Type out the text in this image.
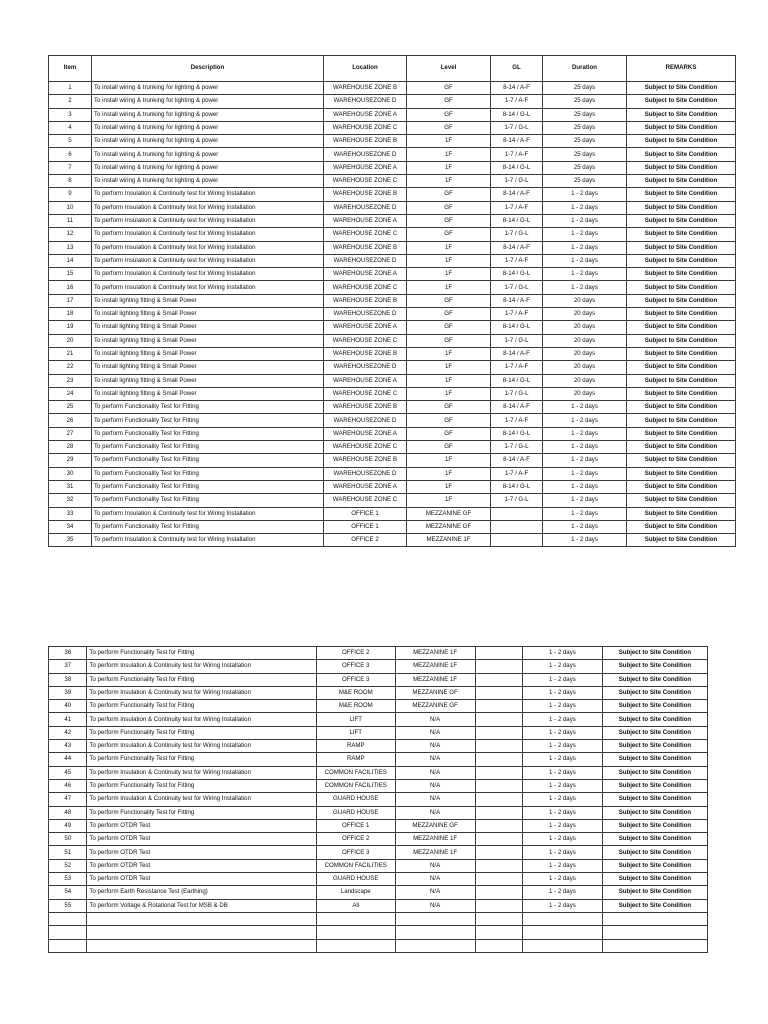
Item	Description	Location	Level	GL	Duration	REMARKS
1	To install wiring & trunking for lighting & power	WAREHOUSE ZONE B	GF	8-14 / A-F	25 days	Subject to Site Condition
2	To install wiring & trunking for lighting & power	WAREHOUSEZONE D	GF	1-7 / A-F	25 days	Subject to Site Condition
3	To install wiring & trunking for lighting & power	WAREHOUSE ZONE A	GF	8-14 / G-L	25 days	Subject to Site Condition
4	To install wiring & trunking for lighting & power	WAREHOUSE ZONE C	GF	1-7 / G-L	25 days	Subject to Site Condition
5	To install wiring & trunking for lighting & power	WAREHOUSE ZONE B	1F	8-14 / A-F	25 days	Subject to Site Condition
6	To install wiring & trunking for lighting & power	WAREHOUSEZONE D	1F	1-7 / A-F	25 days	Subject to Site Condition
7	To install wiring & trunking for lighting & power	WAREHOUSE ZONE A	1F	8-14 / G-L	25 days	Subject to Site Condition
8	To install wiring & trunking for lighting & power	WAREHOUSE ZONE C	1F	1-7 / G-L	25 days	Subject to Site Condition
9	To perform Insulation & Continuity test for Wiring Installation	WAREHOUSE ZONE B	GF	8-14 / A-F	1 - 2 days	Subject to Site Condition
10	To perform Insulation & Continuity test for Wiring Installation	WAREHOUSEZONE D	GF	1-7 / A-F	1 - 2 days	Subject to Site Condition
11	To perform Insulation & Continuity test for Wiring Installation	WAREHOUSE ZONE A	GF	8-14 / G-L	1 - 2 days	Subject to Site Condition
12	To perform Insulation & Continuity test for Wiring Installation	WAREHOUSE ZONE C	GF	1-7 / G-L	1 - 2 days	Subject to Site Condition
13	To perform Insulation & Continuity test for Wiring Installation	WAREHOUSE ZONE B	1F	8-14 / A-F	1 - 2 days	Subject to Site Condition
14	To perform Insulation & Continuity test for Wiring Installation	WAREHOUSEZONE D	1F	1-7 / A-F	1 - 2 days	Subject to Site Condition
15	To perform Insulation & Continuity test for Wiring Installation	WAREHOUSE ZONE A	1F	8-14 / G-L	1 - 2 days	Subject to Site Condition
16	To perform Insulation & Continuity test for Wiring Installation	WAREHOUSE ZONE C	1F	1-7 / G-L	1 - 2 days	Subject to Site Condition
17	To install lighting fitting & Small Power	WAREHOUSE ZONE B	GF	8-14 / A-F	20 days	Subject to Site Condition
18	To install lighting fitting & Small Power	WAREHOUSEZONE D	GF	1-7 / A-F	20 days	Subject to Site Condition
19	To install lighting fitting & Small Power	WAREHOUSE ZONE A	GF	8-14 / G-L	20 days	Subject to Site Condition
20	To install lighting fitting & Small Power	WAREHOUSE ZONE C	GF	1-7 / G-L	20 days	Subject to Site Condition
21	To install lighting fitting & Small Power	WAREHOUSE ZONE B	1F	8-14 / A-F	20 days	Subject to Site Condition
22	To install lighting fitting & Small Power	WAREHOUSEZONE D	1F	1-7 / A-F	20 days	Subject to Site Condition
23	To install lighting fitting & Small Power	WAREHOUSE ZONE A	1F	8-14 / G-L	20 days	Subject to Site Condition
24	To install lighting fitting & Small Power	WAREHOUSE ZONE C	1F	1-7 / G-L	20 days	Subject to Site Condition
25	To perform Functionality Test for Fitting	WAREHOUSE ZONE B	GF	8-14 / A-F	1 - 2 days	Subject to Site Condition
26	To perform Functionality Test for Fitting	WAREHOUSEZONE D	GF	1-7 / A-F	1 - 2 days	Subject to Site Condition
27	To perform Functionality Test for Fitting	WAREHOUSE ZONE A	GF	8-14 / G-L	1 - 2 days	Subject to Site Condition
28	To perform Functionality Test for Fitting	WAREHOUSE ZONE C	GF	1-7 / G-L	1 - 2 days	Subject to Site Condition
29	To perform Functionality Test for Fitting	WAREHOUSE ZONE B	1F	8-14 / A-F	1 - 2 days	Subject to Site Condition
30	To perform Functionality Test for Fitting	WAREHOUSEZONE D	1F	1-7 / A-F	1 - 2 days	Subject to Site Condition
31	To perform Functionality Test for Fitting	WAREHOUSE ZONE A	1F	8-14 / G-L	1 - 2 days	Subject to Site Condition
32	To perform Functionality Test for Fitting	WAREHOUSE ZONE C	1F	1-7 / G-L	1 - 2 days	Subject to Site Condition
33	To perform Insulation & Continuity test for Wiring Installation	OFFICE 1	MEZZANINE GF		1 - 2 days	Subject to Site Condition
34	To perform Functionality Test for Fitting	OFFICE 1	MEZZANINE GF		1 - 2 days	Subject to Site Condition
35	To perform Insulation & Continuity test for Wiring Installation	OFFICE 2	MEZZANINE 1F		1 - 2 days	Subject to Site Condition
36	To perform Functionality Test for Fitting	OFFICE 2	MEZZANINE 1F		1 - 2 days	Subject to Site Condition
37	To perform Insulation & Continuity test for Wiring Installation	OFFICE 3	MEZZANINE 1F		1 - 2 days	Subject to Site Condition
38	To perform Functionality Test for Fitting	OFFICE 3	MEZZANINE 1F		1 - 2 days	Subject to Site Condition
39	To perform Insulation & Continuity test for Wiring Installation	M&E ROOM	MEZZANINE GF		1 - 2 days	Subject to Site Condition
40	To perform Functionality Test for Fitting	M&E ROOM	MEZZANINE GF		1 - 2 days	Subject to Site Condition
41	To perform Insulation & Continuity test for Wiring Installation	LIFT	N/A		1 - 2 days	Subject to Site Condition
42	To perform Functionality Test for Fitting	LIFT	N/A		1 - 2 days	Subject to Site Condition
43	To perform Insulation & Continuity test for Wiring Installation	RAMP	N/A		1 - 2 days	Subject to Site Condition
44	To perform Functionality Test for Fitting	RAMP	N/A		1 - 2 days	Subject to Site Condition
45	To perform Insulation & Continuity test for Wiring Installation	COMMON FACILITIES	N/A		1 - 2 days	Subject to Site Condition
46	To perform Functionality Test for Fitting	COMMON FACILITIES	N/A		1 - 2 days	Subject to Site Condition
47	To perform Insulation & Continuity test for Wiring Installation	GUARD HOUSE	N/A		1 - 2 days	Subject to Site Condition
48	To perform Functionality Test for Fitting	GUARD HOUSE	N/A		1 - 2 days	Subject to Site Condition
49	To perform OTDR Test	OFFICE 1	MEZZANINE GF		1 - 2 days	Subject to Site Condition
50	To perform OTDR Test	OFFICE 2	MEZZANINE 1F		1 - 2 days	Subject to Site Condition
51	To perform OTDR Test	OFFICE 3	MEZZANINE 1F		1 - 2 days	Subject to Site Condition
52	To perform OTDR Test	COMMON FACILITIES	N/A		1 - 2 days	Subject to Site Condition
53	To perform OTDR Test	GUARD HOUSE	N/A		1 - 2 days	Subject to Site Condition
54	To perform Earth Resistance Test (Earthing)	Landscape	N/A		1 - 2 days	Subject to Site Condition
55	To perform Voltage & Rotational Test for MSB & DB	All	N/A		1 - 2 days	Subject to Site Condition
